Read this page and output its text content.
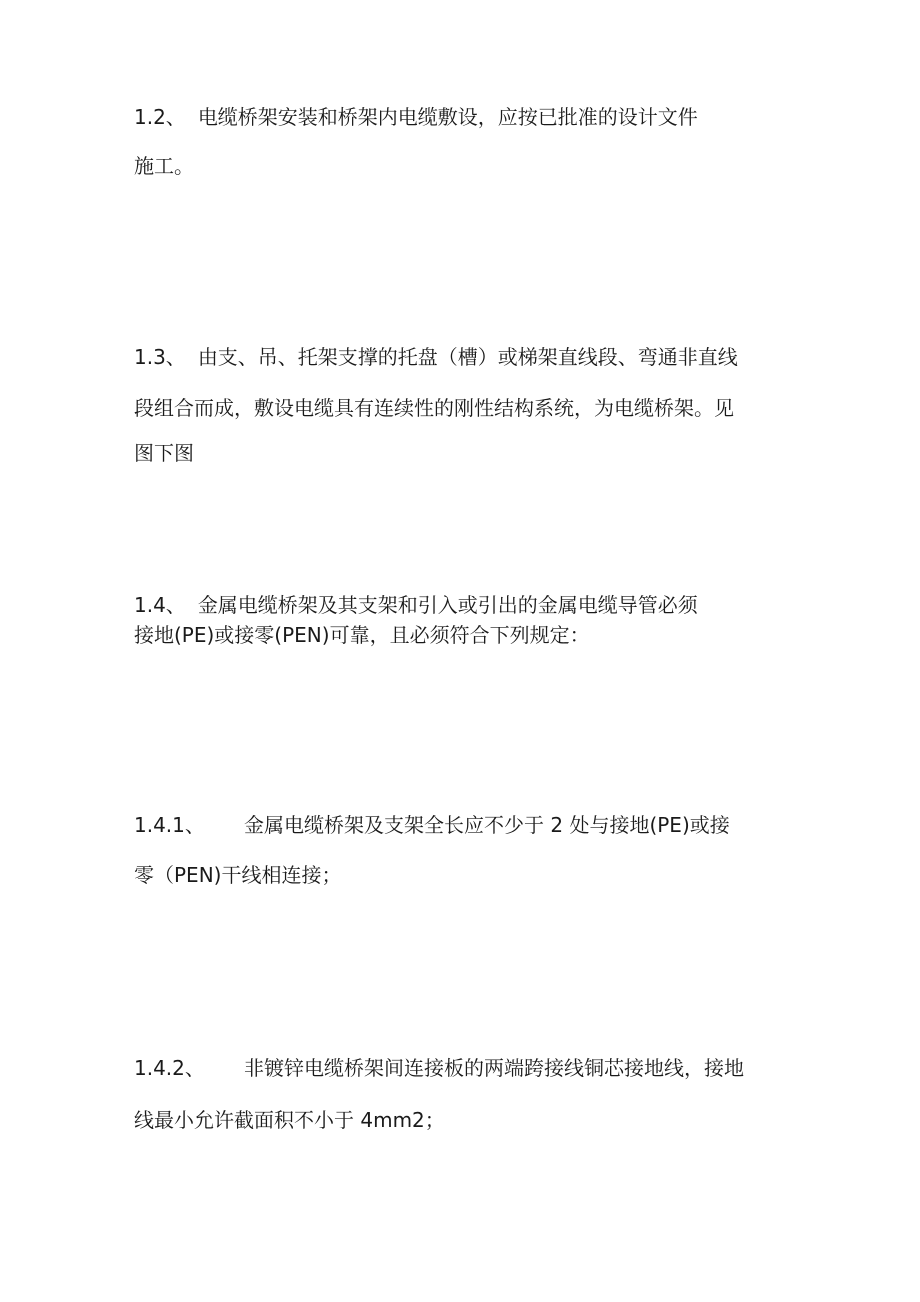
1.2、 电缆桥架安装和桥架内电缆敷设，应按已批准的设计文件
施工。
1.3、 由支、吊、托架支撑的托盘（槽）或梯架直线段、弯通非直线
段组合而成，敷设电缆具有连续性的刚性结构系统，为电缆桥架。见
图下图
1.4、 金属电缆桥架及其支架和引入或引出的金属电缆导管必须
接地(PE)或接零(PEN)可靠，且必须符合下列规定：
1.4.1、 金属电缆桥架及支架全长应不少于 2 处与接地(PE)或接
零（PEN)干线相连接；
1.4.2、 非镀锌电缆桥架间连接板的两端跨接线铜芯接地线，接地
线最小允许截面积不小于 4mm2；
